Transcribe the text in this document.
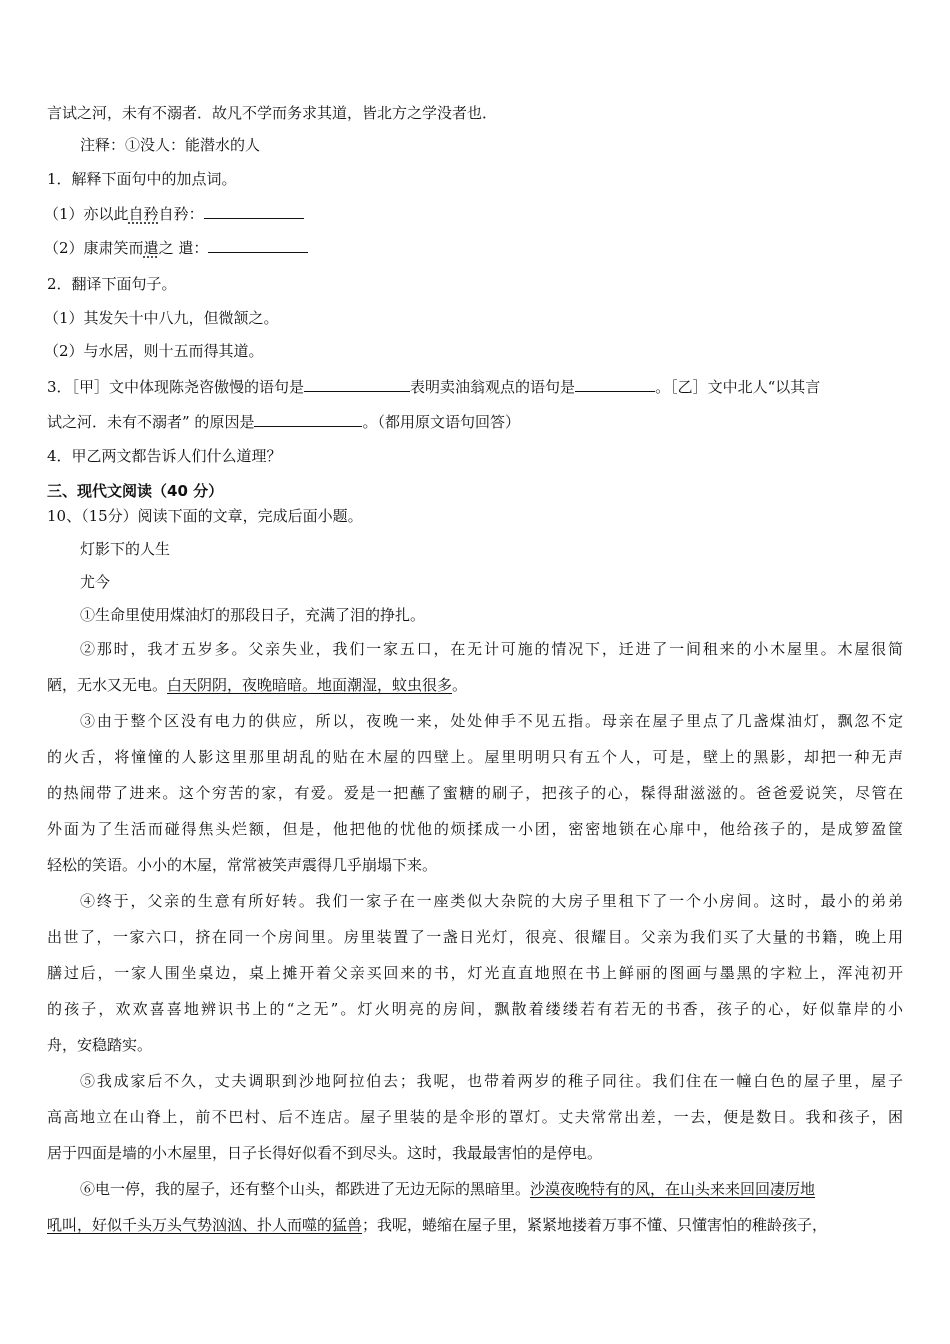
言试之河，未有不溺者．故凡不学而务求其道，皆北方之学没者也．
注释：①没人：能潜水的人
1．解释下面句中的加点词。
（1）亦以此自矜自矜：
（2）康肃笑而遣之 遣：
2．翻译下面句子。
（1）其发矢十中八九，但微颔之。
（2）与水居，则十五而得其道。
3．［甲］文中体现陈尧咨傲慢的语句是	表明卖油翁观点的语句是	。［乙］文中北人“以其言
试之河．未有不溺者” 的原因是	。（都用原文语句回答）
4．甲乙两文都告诉人们什么道理？
三、现代文阅读（40 分）
10、（15分）阅读下面的文章，完成后面小题。
灯影下的人生
尤今
①生命里使用煤油灯的那段日子，充满了泪的挣扎。
②那时，我才五岁多。父亲失业，我们一家五口，在无计可施的情况下，迁进了一间租来的小木屋里。木屋很简
陋，无水又无电。白天阴阴，夜晚暗暗。地面潮湿，蚊虫很多。
③由于整个区没有电力的供应，所以，夜晚一来，处处伸手不见五指。母亲在屋子里点了几盏煤油灯，飘忽不定
的火舌，将憧憧的人影这里那里胡乱的贴在木屋的四壁上。屋里明明只有五个人，可是，壁上的黑影，却把一种无声
的热闹带了进来。这个穷苦的家，有爱。爱是一把蘸了蜜糖的刷子，把孩子的心，髹得甜滋滋的。爸爸爱说笑，尽管在
外面为了生活而碰得焦头烂额，但是，他把他的忧他的烦揉成一小团，密密地锁在心扉中，他给孩子的，是成箩盈筐
轻松的笑语。小小的木屋，常常被笑声震得几乎崩塌下来。
④终于，父亲的生意有所好转。我们一家子在一座类似大杂院的大房子里租下了一个小房间。这时，最小的弟弟
出世了，一家六口，挤在同一个房间里。房里装置了一盏日光灯，很亮、很耀目。父亲为我们买了大量的书籍，晚上用
膳过后，一家人围坐桌边，桌上摊开着父亲买回来的书，灯光直直地照在书上鲜丽的图画与墨黑的字粒上，浑沌初开
的孩子，欢欢喜喜地辨识书上的“之无”。灯火明亮的房间，飘散着缕缕若有若无的书香，孩子的心，好似靠岸的小
舟，安稳踏实。
⑤我成家后不久，丈夫调职到沙地阿拉伯去；我呢，也带着两岁的稚子同往。我们住在一幢白色的屋子里，屋子
高高地立在山脊上，前不巴村、后不连店。屋子里装的是伞形的罩灯。丈夫常常出差，一去，便是数日。我和孩子，困
居于四面是墙的小木屋里，日子长得好似看不到尽头。这时，我最最害怕的是停电。
⑥电一停，我的屋子，还有整个山头，都跌进了无边无际的黑暗里。沙漠夜晚特有的风，在山头来来回回凄厉地
吼叫，好似千头万头气势汹汹、扑人而噬的猛兽；我呢，蜷缩在屋子里，紧紧地搂着万事不懂、只懂害怕的稚龄孩子，
